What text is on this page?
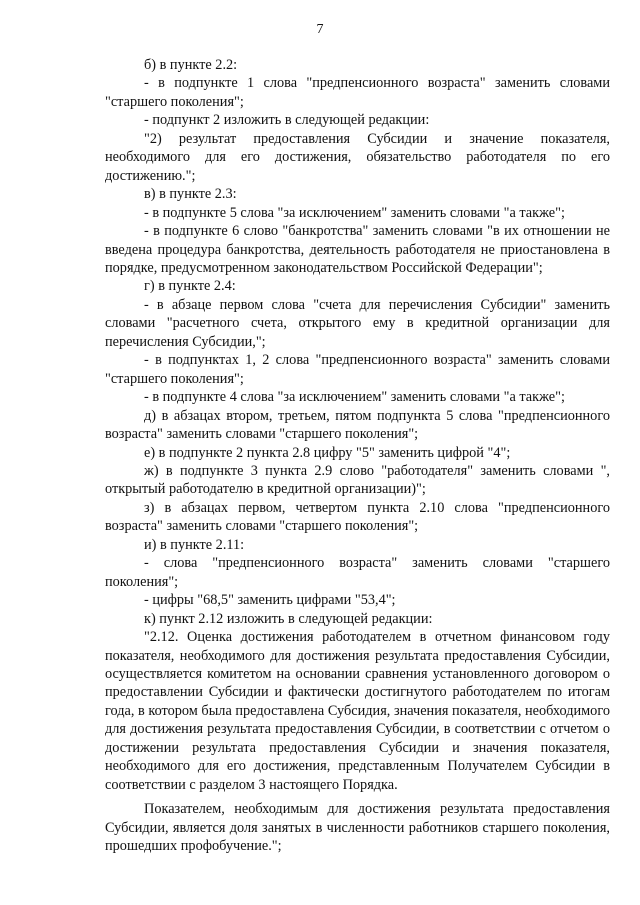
7

б) в пункте 2.2:

- в подпункте 1 слова "предпенсионного возраста" заменить словами "старшего поколения";

- подпункт 2 изложить в следующей редакции:

"2) результат предоставления Субсидии и значение показателя, необходимого для его достижения, обязательство работодателя по его достижению.";

в) в пункте 2.3:

- в подпункте 5 слова "за исключением" заменить словами "а также";

- в подпункте 6 слово "банкротства" заменить словами "в их отношении не введена процедура банкротства, деятельность работодателя не приостановлена в порядке, предусмотренном законодательством Российской Федерации";

г) в пункте 2.4:

- в абзаце первом слова "счета для перечисления Субсидии" заменить словами "расчетного счета, открытого ему в кредитной организации для перечисления Субсидии,";

- в подпунктах 1, 2 слова "предпенсионного возраста" заменить словами "старшего поколения";

- в подпункте 4 слова "за исключением" заменить словами "а также";

д) в абзацах втором, третьем, пятом подпункта 5 слова "предпенсионного возраста" заменить словами "старшего поколения";

е) в подпункте 2 пункта 2.8 цифру "5" заменить цифрой "4";

ж) в подпункте 3 пункта 2.9 слово "работодателя" заменить словами ", открытый работодателю в кредитной организации)";

з) в абзацах первом, четвертом пункта 2.10 слова "предпенсионного возраста" заменить словами "старшего поколения";

и) в пункте 2.11:

- слова "предпенсионного возраста" заменить словами "старшего поколения";

- цифры "68,5" заменить цифрами "53,4";

к) пункт 2.12 изложить в следующей редакции:

"2.12. Оценка достижения работодателем в отчетном финансовом году показателя, необходимого для достижения результата предоставления Субсидии, осуществляется комитетом на основании сравнения установленного договором о предоставлении Субсидии и фактически достигнутого работодателем по итогам года, в котором была предоставлена Субсидия, значения показателя, необходимого для достижения результата предоставления Субсидии, в соответствии с отчетом о достижении результата предоставления Субсидии и значения показателя, необходимого для его достижения, представленным Получателем Субсидии в соответствии с разделом 3 настоящего Порядка.

Показателем, необходимым для достижения результата предоставления Субсидии, является доля занятых в численности работников старшего поколения, прошедших профобучение.";
